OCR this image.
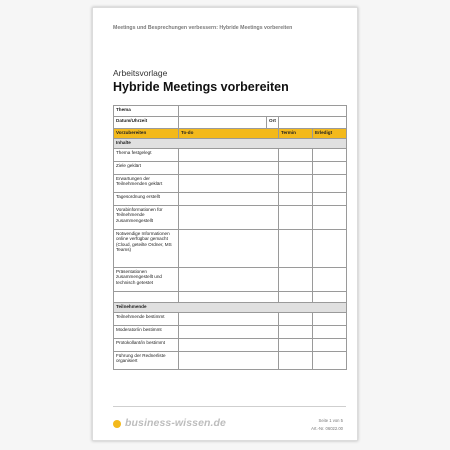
Meetings und Besprechungen verbessern: Hybride Meetings vorbereiten
Arbeitsvorlage
Hybride Meetings vorbereiten
Thema				
Datum/Uhrzeit		Ort		
Vorzubereiten	To-do		Termin	Erledigt
Inhalte				
Thema festgelegt				
Ziele geklärt				
Erwartungen der Teilnehmenden geklärt				
Tagesordnung erstellt				
Vorabinformationen für Teilnehmende zusammengestellt				
Notwendige Informationen online verfügbar gemacht (Cloud, geteilte Ordner, MS Teams)				
Präsentationen zusammengestellt und technisch getestet				

Teilnehmende				
Teilnehmende bestimmt				
Moderator/in bestimmt				
Protokollant/in bestimmt				
Führung der Rednerliste organisiert				
business-wissen.de	Seite 1 von 5
Art.-Nr. 06022.00
